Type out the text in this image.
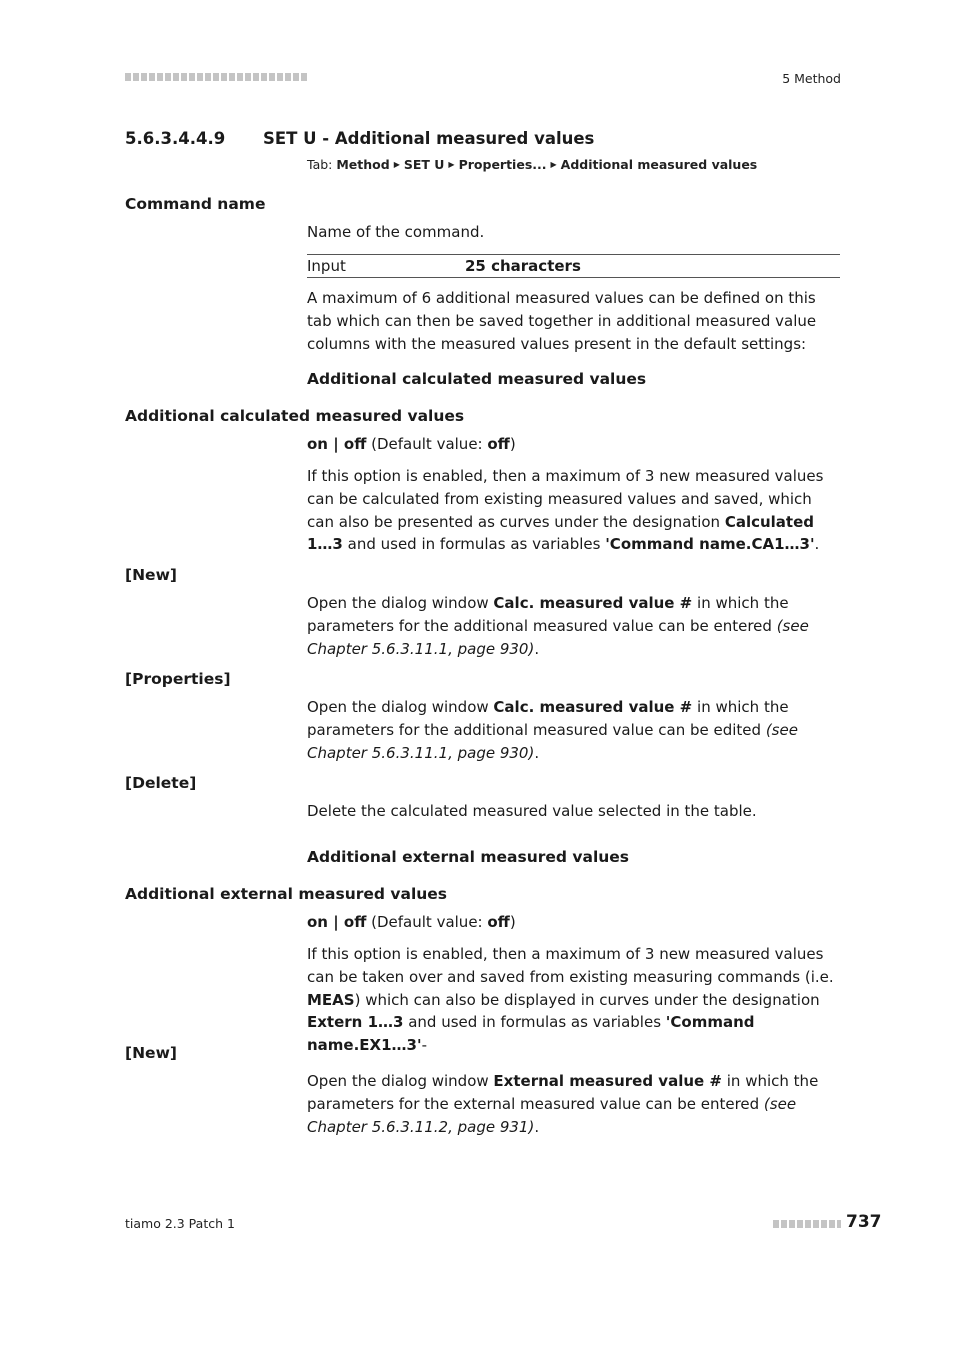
5 Method
5.6.3.4.4.9 SET U - Additional measured values
Tab: Method ▶ SET U ▶ Properties... ▶ Additional measured values
Command name
Name of the command.
Input	25 characters
A maximum of 6 additional measured values can be defined on this tab which can then be saved together in additional measured value columns with the measured values present in the default settings:
Additional calculated measured values
Additional calculated measured values
on | off (Default value: off)
If this option is enabled, then a maximum of 3 new measured values can be calculated from existing measured values and saved, which can also be presented as curves under the designation Calculated 1…3 and used in formulas as variables 'Command name.CA1…3'.
[New]
Open the dialog window Calc. measured value # in which the parameters for the additional measured value can be entered (see Chapter 5.6.3.11.1, page 930).
[Properties]
Open the dialog window Calc. measured value # in which the parameters for the additional measured value can be edited (see Chapter 5.6.3.11.1, page 930).
[Delete]
Delete the calculated measured value selected in the table.
Additional external measured values
Additional external measured values
on | off (Default value: off)
If this option is enabled, then a maximum of 3 new measured values can be taken over and saved from existing measuring commands (i.e. MEAS) which can also be displayed in curves under the designation Extern 1…3 and used in formulas as variables 'Command name.EX1…3'-
[New]
Open the dialog window External measured value # in which the parameters for the external measured value can be entered (see Chapter 5.6.3.11.2, page 931).
tiamo 2.3 Patch 1	737
